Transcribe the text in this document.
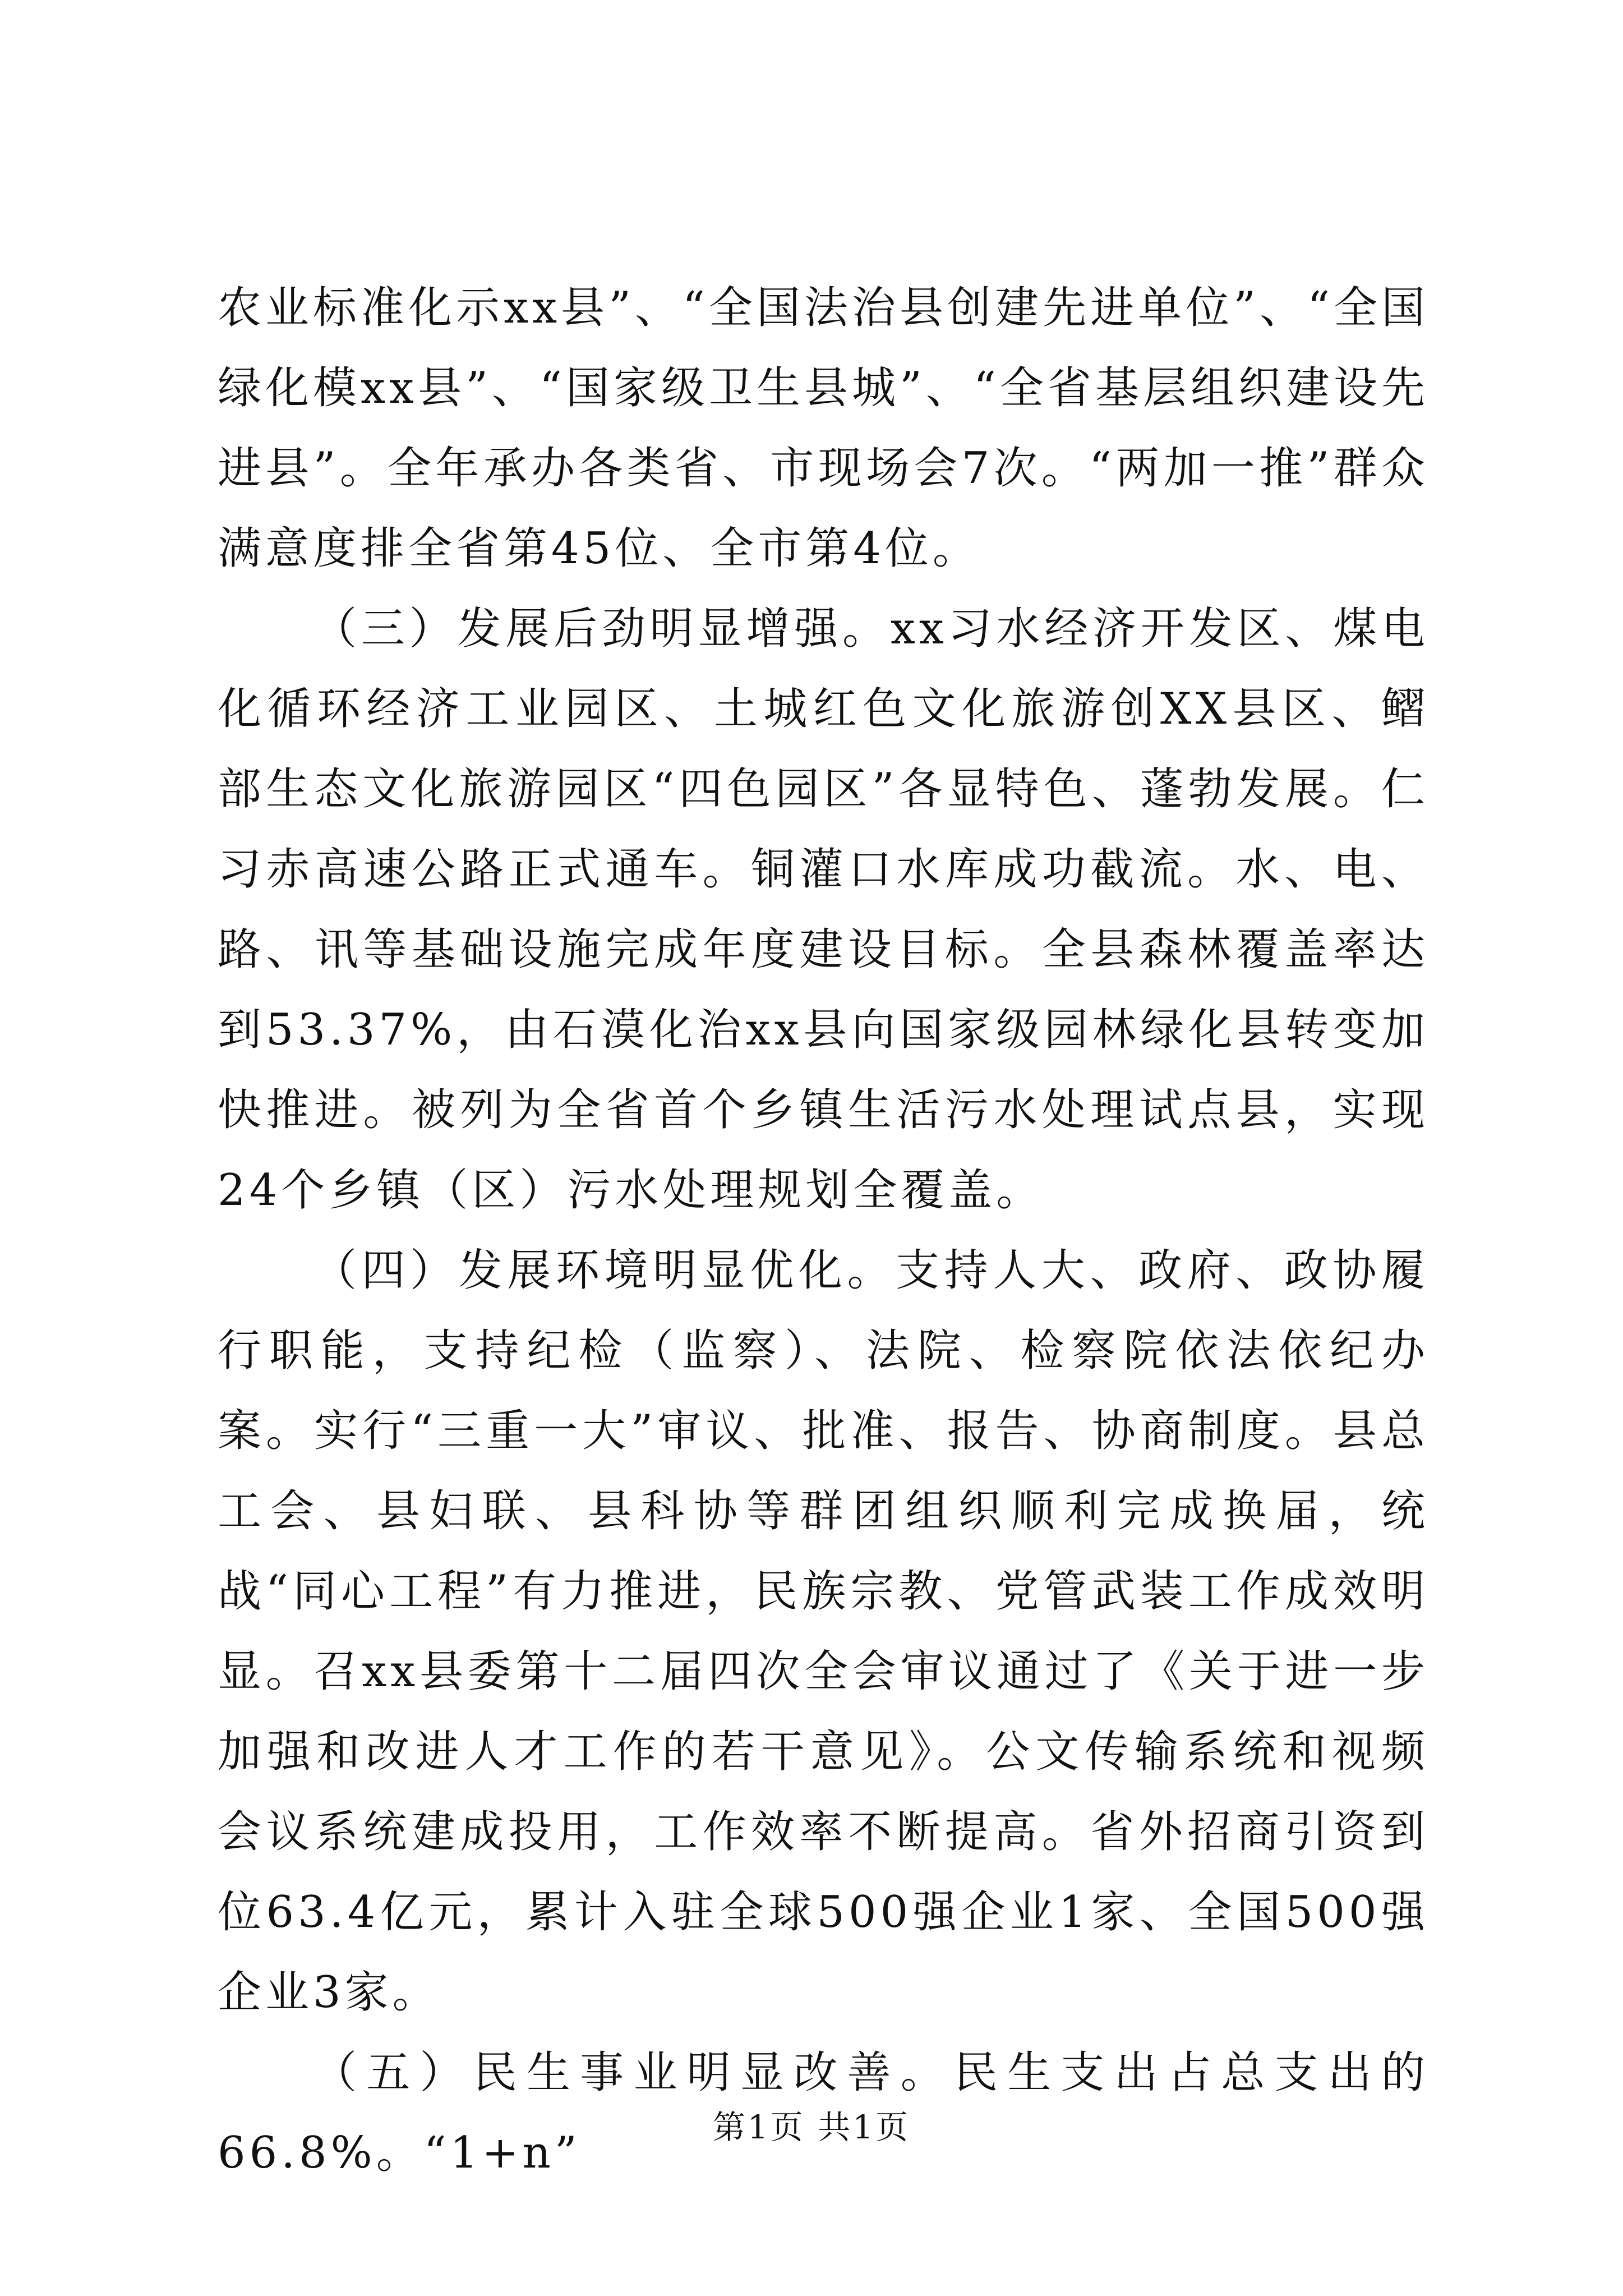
农业标准化示xx县”、“全国法治县创建先进单位”、“全国绿化模xx县”、“国家级卫生县城”、“全省基层组织建设先进县”。全年承办各类省、市现场会7次。“两加一推”群众满意度排全省第45位、全市第4位。

（三）发展后劲明显增强。xx习水经济开发区、煤电化循环经济工业园区、土城红色文化旅游创XX县区、鳛部生态文化旅游园区“四色园区”各显特色、蓬勃发展。仁习赤高速公路正式通车。铜灌口水库成功截流。水、电、路、讯等基础设施完成年度建设目标。全县森林覆盖率达到53.37%，由石漠化治xx县向国家级园林绿化县转变加快推进。被列为全省首个乡镇生活污水处理试点县，实现24个乡镇（区）污水处理规划全覆盖。

（四）发展环境明显优化。支持人大、政府、政协履行职能，支持纪检（监察）、法院、检察院依法依纪办案。实行“三重一大”审议、批准、报告、协商制度。县总工会、县妇联、县科协等群团组织顺利完成换届，统战“同心工程”有力推进，民族宗教、党管武装工作成效明显。召xx县委第十二届四次全会审议通过了《关于进一步加强和改进人才工作的若干意见》。公文传输系统和视频会议系统建成投用，工作效率不断提高。省外招商引资到位63.4亿元，累计入驻全球500强企业1家、全国500强企业3家。

（五）民生事业明显改善。民生支出占总支出的66.8%。“1+n”

第1页 共1页
